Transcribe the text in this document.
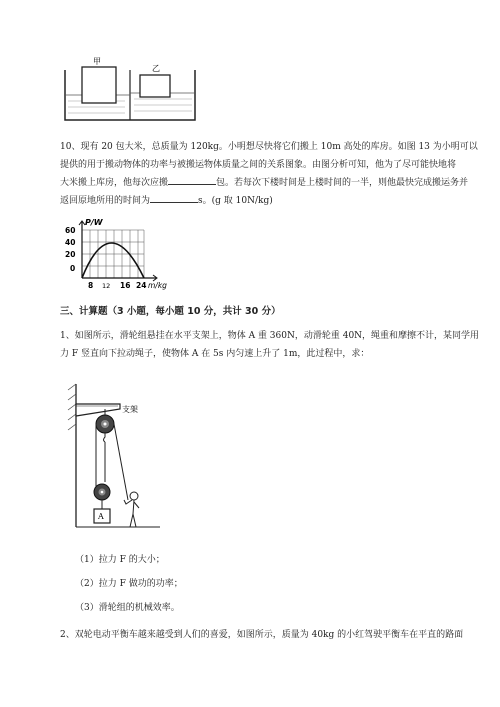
甲
乙
10、现有 20 包大米，总质量为 120kg。小明想尽快将它们搬上 10m 高处的库房。如图 13 为小明可以
提供的用于搬动物体的功率与被搬运物体质量之间的关系图象。由图分析可知，他为了尽可能快地将
大米搬上库房，他每次应搬	包。若每次下楼时间是上楼时间的一半，则他最快完成搬运务并
返回原地所用的时间为	s。(g 取 10N/kg)
P/W
m/kg
60
40
20
0
8 12 16 24
三、计算题（3 小题，每小题 10 分，共计 30 分）
1、如图所示，滑轮组悬挂在水平支架上，物体 A 重 360N，动滑轮重 40N，绳重和摩擦不计，某同学用
力 F 竖直向下拉动绳子，使物体 A 在 5s 内匀速上升了 1m，此过程中，求：
支架
A
（1）拉力 F 的大小；
（2）拉力 F 做功的功率；
（3）滑轮组的机械效率。
2、双轮电动平衡车越来越受到人们的喜爱，如图所示，质量为 40kg 的小红驾驶平衡车在平直的路面
